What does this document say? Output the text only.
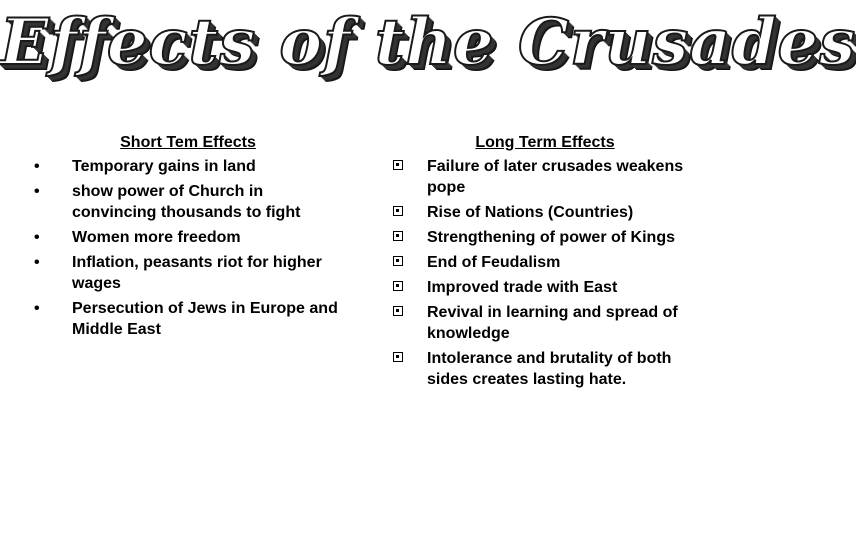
Effects of the Crusades
Short Tem Effects
• Temporary gains in land
• show power of Church in convincing thousands to fight
• Women more freedom
• Inflation, peasants riot for higher wages
• Persecution of Jews in Europe and Middle East
Long Term Effects
Failure of later crusades weakens pope
Rise of Nations (Countries)
Strengthening of power of Kings
End of Feudalism
Improved trade with East
Revival in learning and spread of knowledge
Intolerance and brutality of both sides creates lasting hate.
